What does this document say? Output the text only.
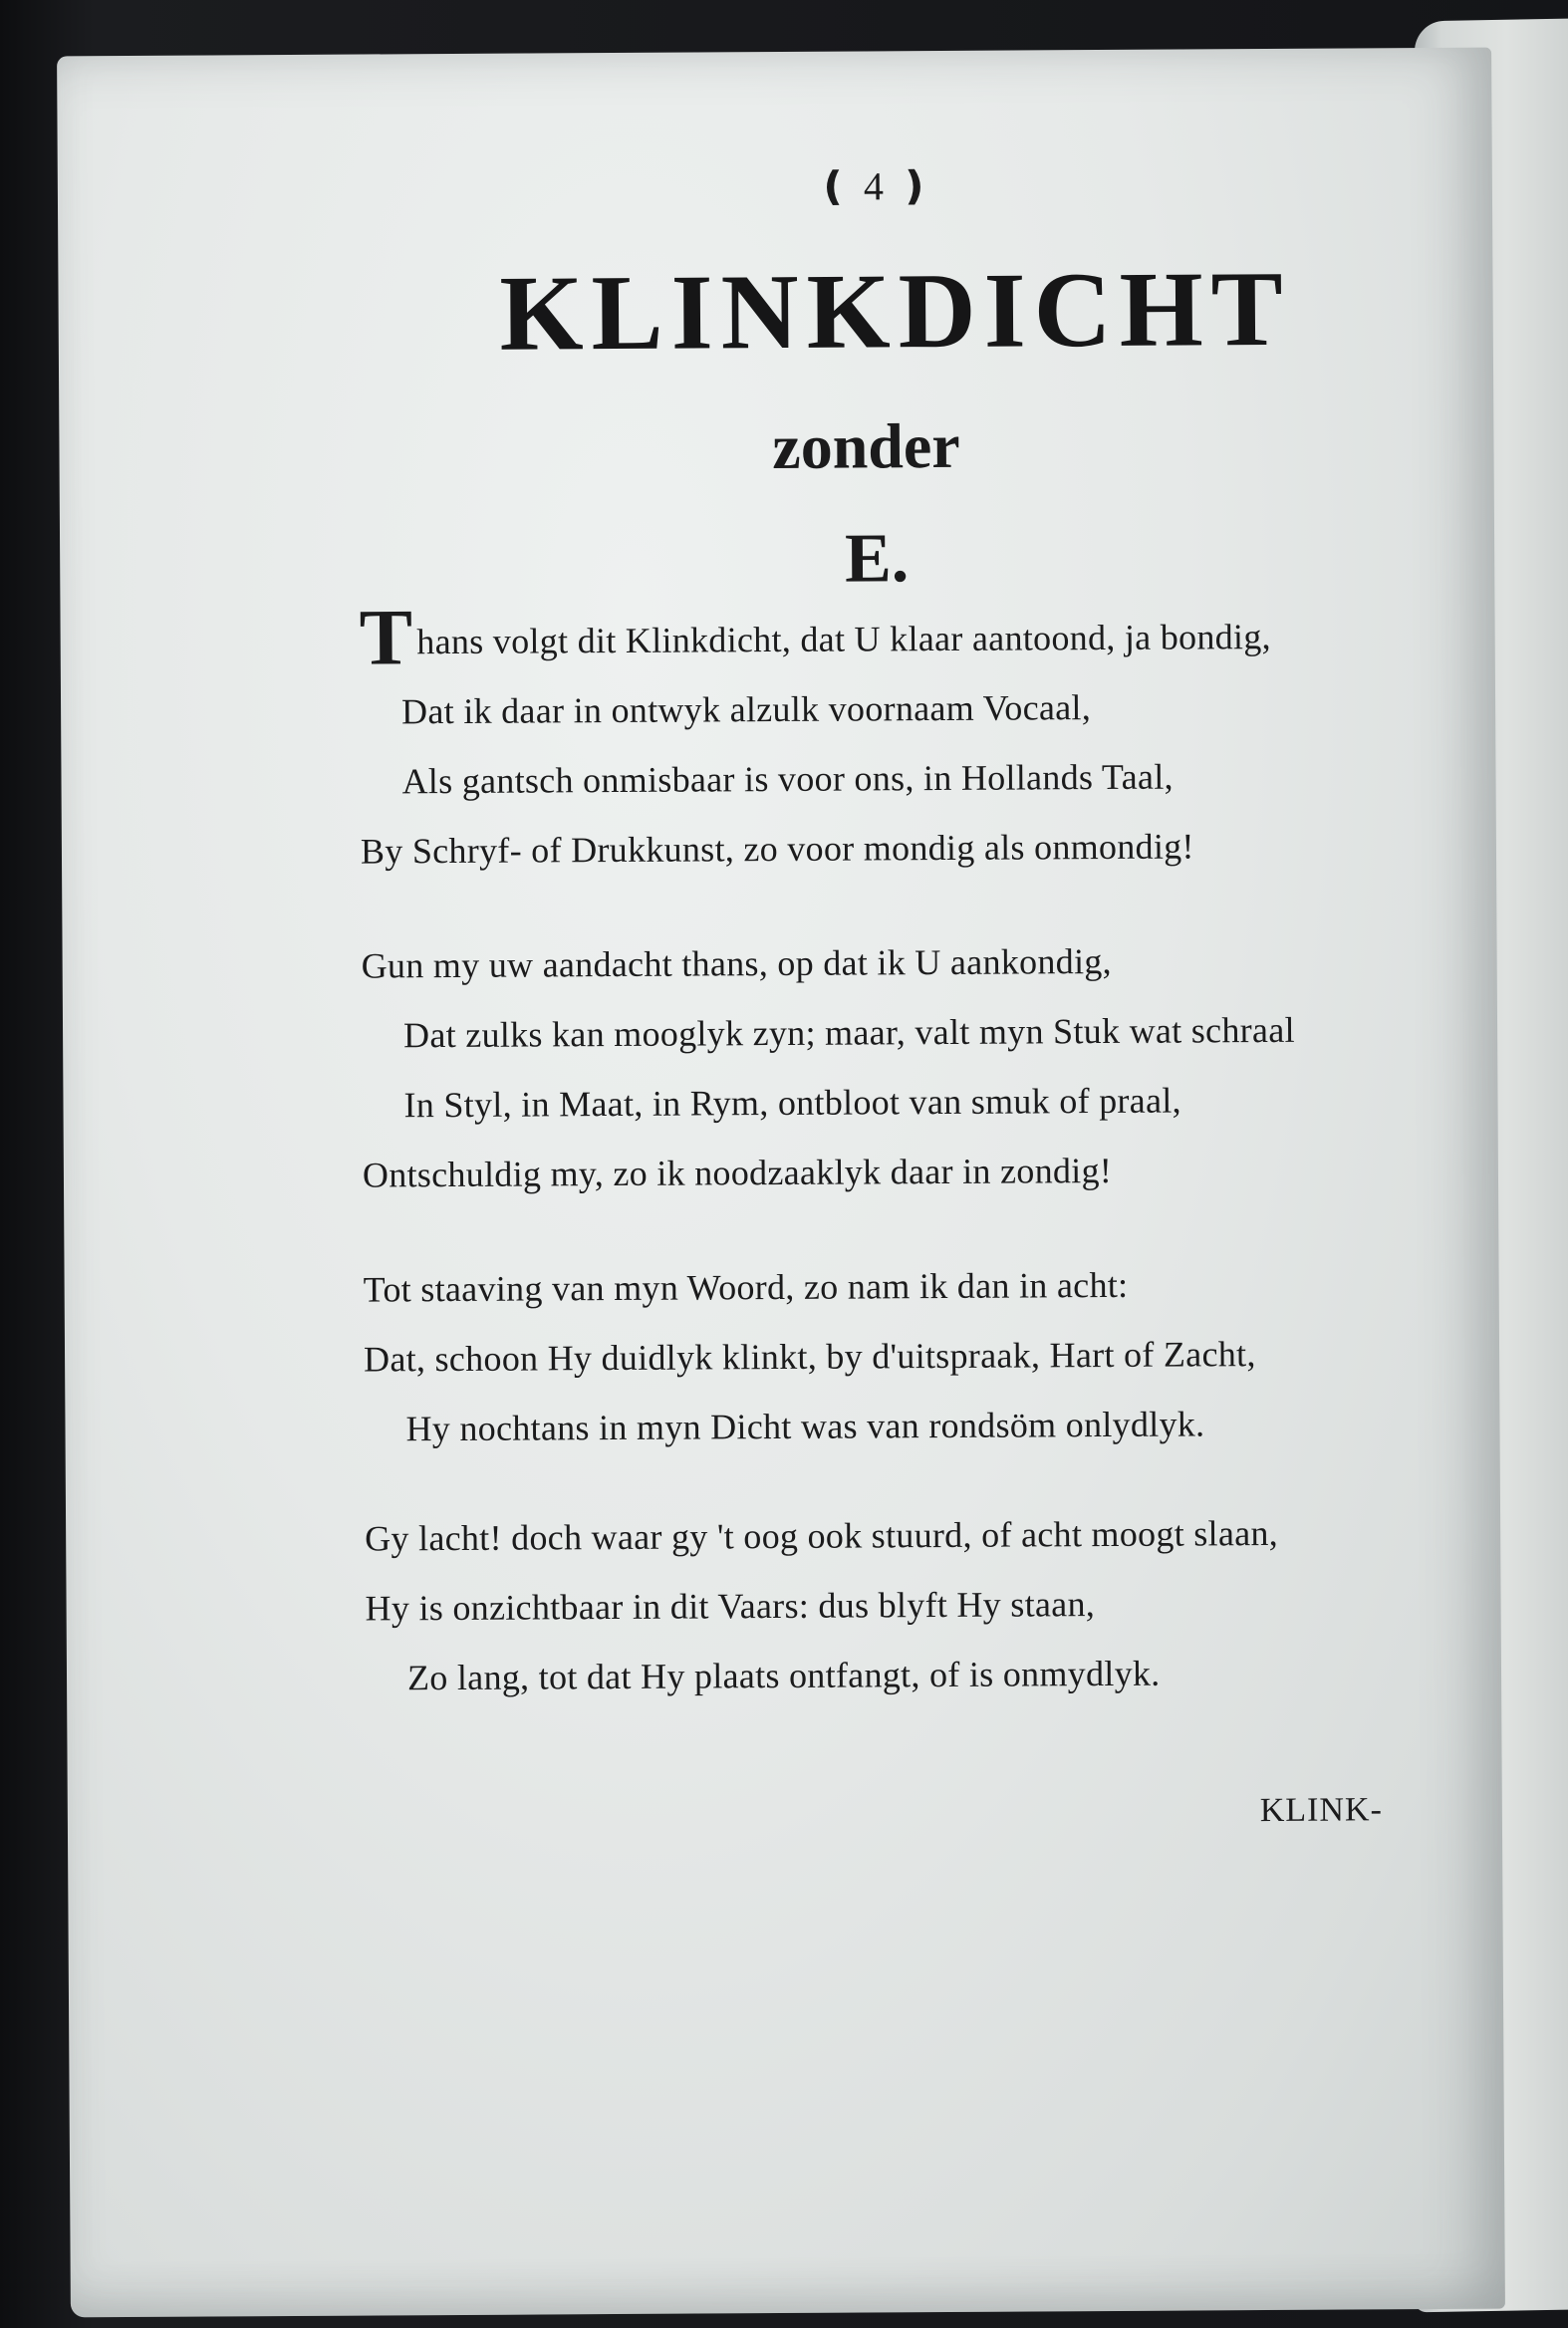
❪ 4 ❫
KLINKDICHT
zonder
E.
Thans volgt dit Klinkdicht, dat U klaar aantoond, ja bondig,
Dat ik daar in ontwyk alzulk voornaam Vocaal,
Als gantsch onmisbaar is voor ons, in Hollands Taal,
By Schryf- of Drukkunst, zo voor mondig als onmondig!
Gun my uw aandacht thans, op dat ik U aankondig,
Dat zulks kan mooglyk zyn; maar, valt myn Stuk wat schraal
In Styl, in Maat, in Rym, ontbloot van smuk of praal,
Ontschuldig my, zo ik noodzaaklyk daar in zondig!
Tot staaving van myn Woord, zo nam ik dan in acht:
Dat, schoon Hy duidlyk klinkt, by d'uitspraak, Hart of Zacht,
Hy nochtans in myn Dicht was van rondsöm onlydlyk.
Gy lacht! doch waar gy 't oog ook stuurd, of acht moogt slaan,
Hy is onzichtbaar in dit Vaars: dus blyft Hy staan,
Zo lang, tot dat Hy plaats ontfangt, of is onmydlyk.
KLINK-
